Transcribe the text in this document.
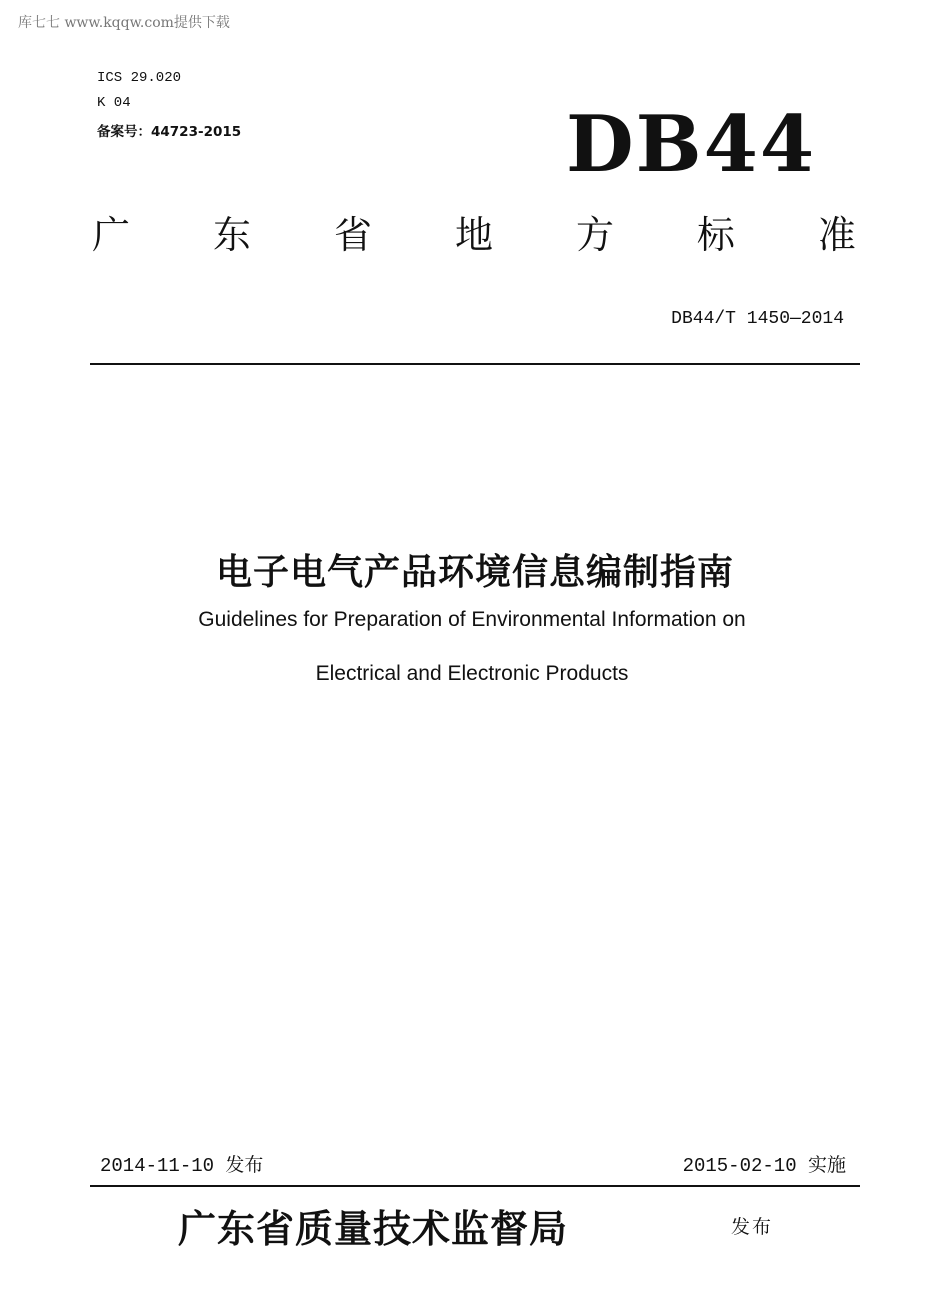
库七七 www.kqqw.com提供下载
ICS 29.020
K 04
备案号：44723-2015	DB44
广 东 省 地 方 标 准
DB44/T 1450—2014
电子电气产品环境信息编制指南
Guidelines for Preparation of Environmental Information on
Electrical and Electronic Products
2014-11-10 发布	2015-02-10 实施
广东省质量技术监督局	发布
